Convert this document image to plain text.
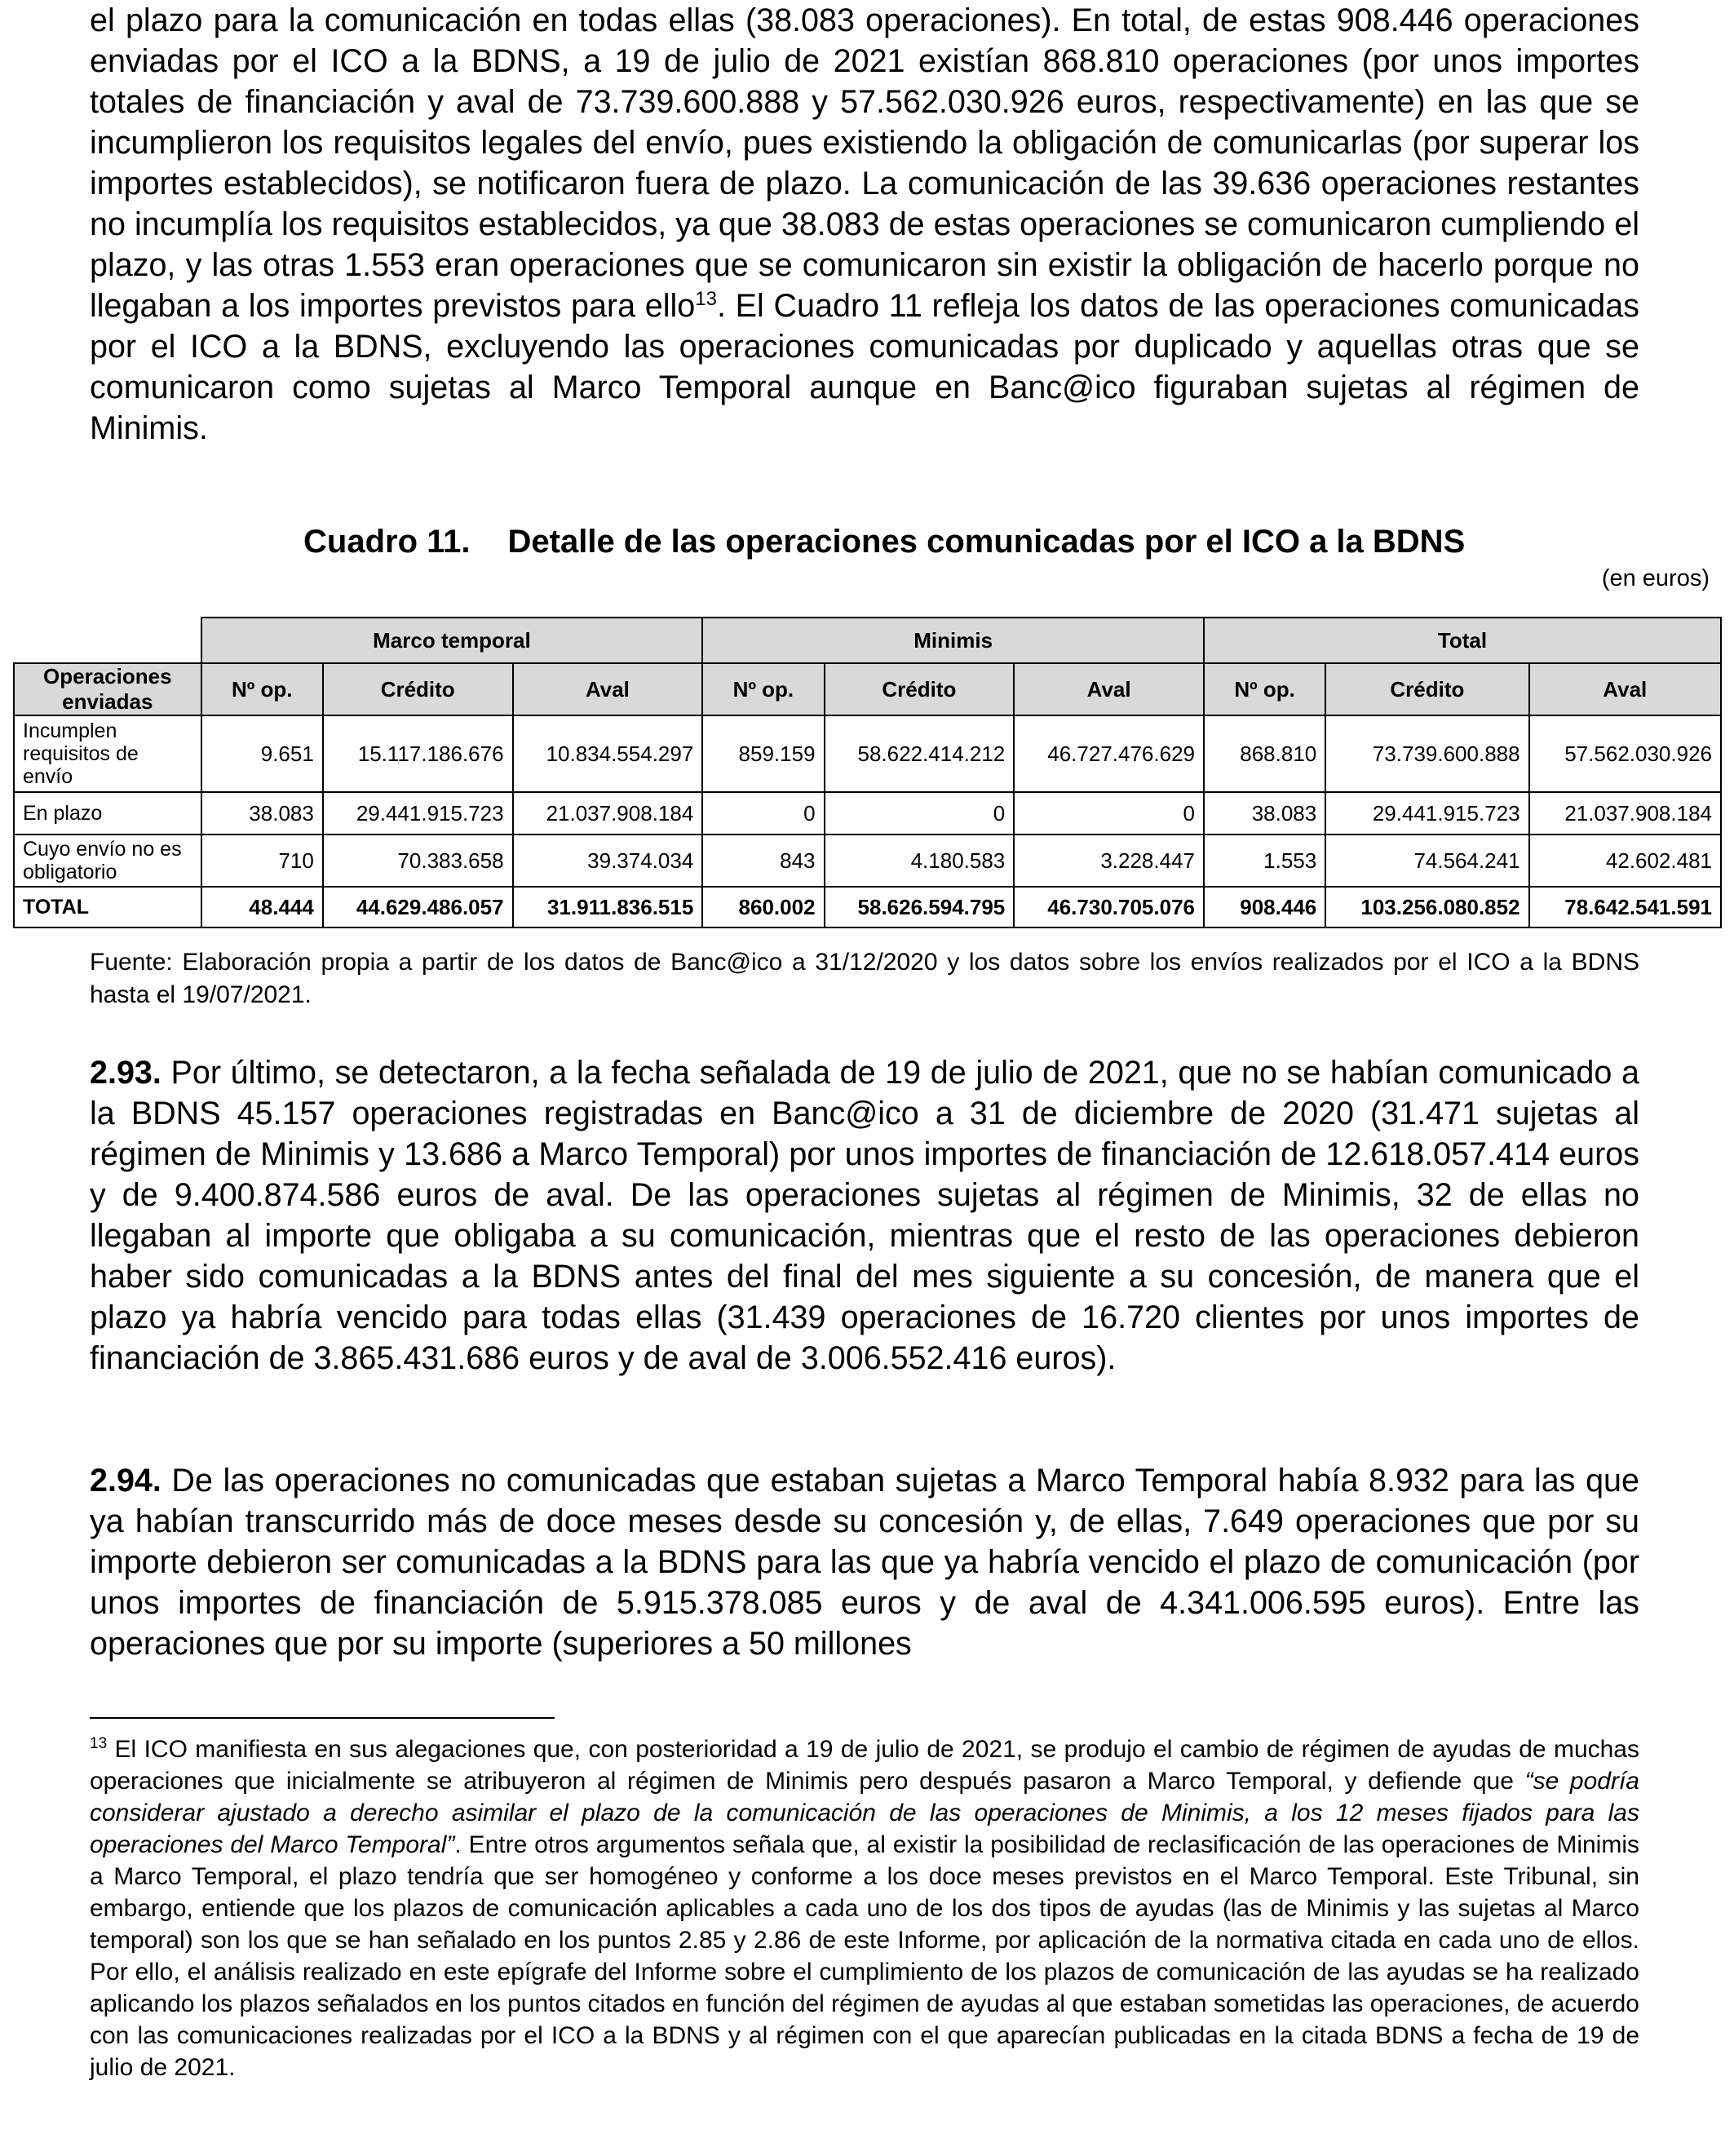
el plazo para la comunicación en todas ellas (38.083 operaciones). En total, de estas 908.446 operaciones enviadas por el ICO a la BDNS, a 19 de julio de 2021 existían 868.810 operaciones (por unos importes totales de financiación y aval de 73.739.600.888 y 57.562.030.926 euros, respectivamente) en las que se incumplieron los requisitos legales del envío, pues existiendo la obligación de comunicarlas (por superar los importes establecidos), se notificaron fuera de plazo. La comunicación de las 39.636 operaciones restantes no incumplía los requisitos establecidos, ya que 38.083 de estas operaciones se comunicaron cumpliendo el plazo, y las otras 1.553 eran operaciones que se comunicaron sin existir la obligación de hacerlo porque no llegaban a los importes previstos para ello$^{13}$. El Cuadro 11 refleja los datos de las operaciones comunicadas por el ICO a la BDNS, excluyendo las operaciones comunicadas por duplicado y aquellas otras que se comunicaron como sujetas al Marco Temporal aunque en Banc@ico figuraban sujetas al régimen de Minimis.

Cuadro 11. Detalle de las operaciones comunicadas por el ICO a la BDNS
(en euros)
	Marco temporal			Minimis			Total		
Operaciones enviadas	Nº op.	Crédito	Aval	Nº op.	Crédito	Aval	Nº op.	Crédito	Aval
Incumplen requisitos de envío	9.651	15.117.186.676	10.834.554.297	859.159	58.622.414.212	46.727.476.629	868.810	73.739.600.888	57.562.030.926
En plazo	38.083	29.441.915.723	21.037.908.184	0	0	0	38.083	29.441.915.723	21.037.908.184
Cuyo envío no es obligatorio	710	70.383.658	39.374.034	843	4.180.583	3.228.447	1.553	74.564.241	42.602.481
TOTAL	48.444	44.629.486.057	31.911.836.515	860.002	58.626.594.795	46.730.705.076	908.446	103.256.080.852	78.642.541.591

Fuente: Elaboración propia a partir de los datos de Banc@ico a 31/12/2020 y los datos sobre los envíos realizados por el ICO a la BDNS hasta el 19/07/2021.

2.93. Por último, se detectaron, a la fecha señalada de 19 de julio de 2021, que no se habían comunicado a la BDNS 45.157 operaciones registradas en Banc@ico a 31 de diciembre de 2020 (31.471 sujetas al régimen de Minimis y 13.686 a Marco Temporal) por unos importes de financiación de 12.618.057.414 euros y de 9.400.874.586 euros de aval. De las operaciones sujetas al régimen de Minimis, 32 de ellas no llegaban al importe que obligaba a su comunicación, mientras que el resto de las operaciones debieron haber sido comunicadas a la BDNS antes del final del mes siguiente a su concesión, de manera que el plazo ya habría vencido para todas ellas (31.439 operaciones de 16.720 clientes por unos importes de financiación de 3.865.431.686 euros y de aval de 3.006.552.416 euros).

2.94. De las operaciones no comunicadas que estaban sujetas a Marco Temporal había 8.932 para las que ya habían transcurrido más de doce meses desde su concesión y, de ellas, 7.649 operaciones que por su importe debieron ser comunicadas a la BDNS para las que ya habría vencido el plazo de comunicación (por unos importes de financiación de 5.915.378.085 euros y de aval de 4.341.006.595 euros). Entre las operaciones que por su importe (superiores a 50 millones

$^{13}$ El ICO manifiesta en sus alegaciones que, con posterioridad a 19 de julio de 2021, se produjo el cambio de régimen de ayudas de muchas operaciones que inicialmente se atribuyeron al régimen de Minimis pero después pasaron a Marco Temporal, y defiende que “se podría considerar ajustado a derecho asimilar el plazo de la comunicación de las operaciones de Minimis, a los 12 meses fijados para las operaciones del Marco Temporal”. Entre otros argumentos señala que, al existir la posibilidad de reclasificación de las operaciones de Minimis a Marco Temporal, el plazo tendría que ser homogéneo y conforme a los doce meses previstos en el Marco Temporal. Este Tribunal, sin embargo, entiende que los plazos de comunicación aplicables a cada uno de los dos tipos de ayudas (las de Minimis y las sujetas al Marco temporal) son los que se han señalado en los puntos 2.85 y 2.86 de este Informe, por aplicación de la normativa citada en cada uno de ellos. Por ello, el análisis realizado en este epígrafe del Informe sobre el cumplimiento de los plazos de comunicación de las ayudas se ha realizado aplicando los plazos señalados en los puntos citados en función del régimen de ayudas al que estaban sometidas las operaciones, de acuerdo con las comunicaciones realizadas por el ICO a la BDNS y al régimen con el que aparecían publicadas en la citada BDNS a fecha de 19 de julio de 2021.
